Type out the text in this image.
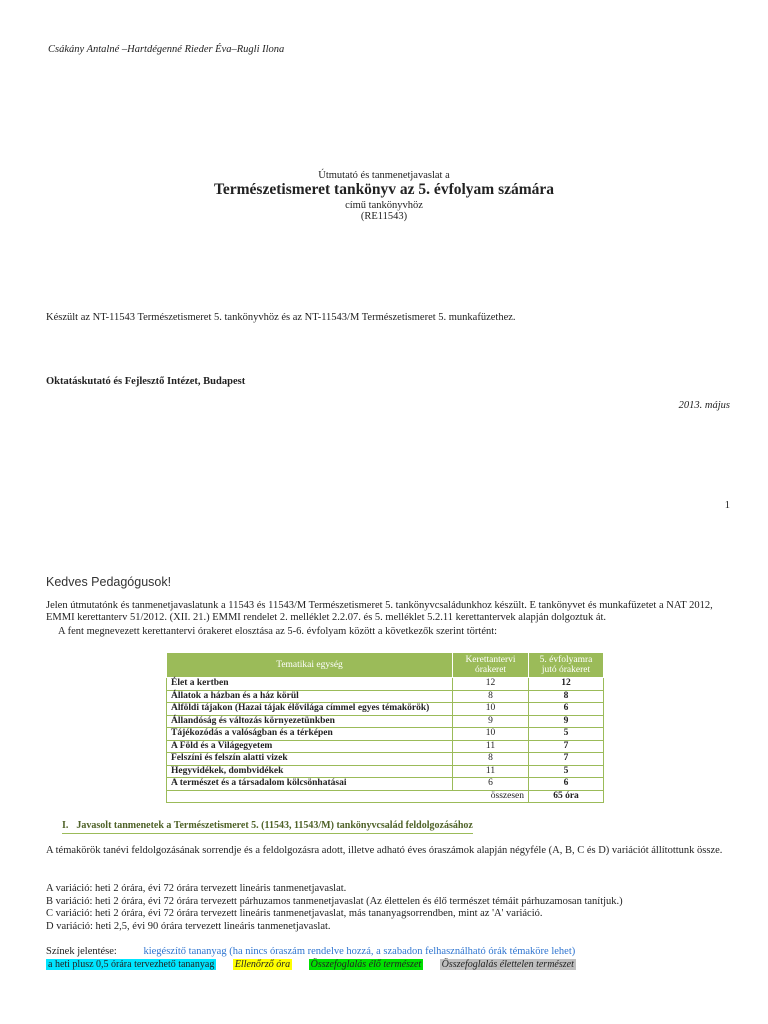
Csákány Antalné –Hartdégenné Rieder Éva–Rugli Ilona
Útmutató és tanmenetjavaslat a
Természetismeret tankönyv az 5. évfolyam számára
című tankönyvhöz
(RE11543)
Készült az NT-11543 Természetismeret 5. tankönyvhöz és az NT-11543/M Természetismeret 5. munkafüzethez.
Oktatáskutató és Fejlesztő Intézet, Budapest
2013. május
1
Kedves Pedagógusok!
Jelen útmutatónk és tanmenetjavaslatunk a 11543 és 11543/M Természetismeret 5. tankönyvcsaládunkhoz készült. E tankönyvet és munkafüzetet a NAT 2012, EMMI kerettanterv 51/2012. (XII. 21.) EMMI rendelet 2. melléklet 2.2.07. és 5. melléklet 5.2.11 kerettantervek alapján dolgoztuk át.
A fent megnevezett kerettantervi órakeret elosztása az 5-6. évfolyam között a következők szerint történt:
Tematikai egység	Kerettantervi órakeret	5. évfolyamra jutó órakeret
Élet a kertben	12	12
Állatok a házban és a ház körül	8	8
Alföldi tájakon (Hazai tájak élővilága címmel egyes témakörök)	10	6
Állandóság és változás környezetünkben	9	9
Tájékozódás a valóságban és a térképen	10	5
A Föld és a Világegyetem	11	7
Felszíni és felszín alatti vizek	8	7
Hegyvidékek, dombvidékek	11	5
A természet és a társadalom kölcsönhatásai	6	6
összesen		65 óra
I. Javasolt tanmenetek a Természetismeret 5. (11543, 11543/M) tankönyvcsalád feldolgozásához
A témakörök tanévi feldolgozásának sorrendje és a feldolgozásra adott, illetve adható éves óraszámok alapján négyféle (A, B, C és D) variációt állítottunk össze.
A variáció: heti 2 órára, évi 72 órára tervezett lineáris tanmenetjavaslat.
B variáció: heti 2 órára, évi 72 órára tervezett párhuzamos tanmenetjavaslat (Az élettelen és élő természet témáit párhuzamosan tanítjuk.)
C variáció: heti 2 órára, évi 72 órára tervezett lineáris tanmenetjavaslat, más tananyagsorrendben, mint az 'A' variáció.
D variáció: heti 2,5, évi 90 órára tervezett lineáris tanmenetjavaslat.
Színek jelentése:	kiegészítő tananyag (ha nincs óraszám rendelve hozzá, a szabadon felhasználható órák témaköre lehet)
a heti plusz 0,5 órára tervezhető tananyag Ellenőrző óra Összefoglalás élő természet Összefoglalás élettelen természet
